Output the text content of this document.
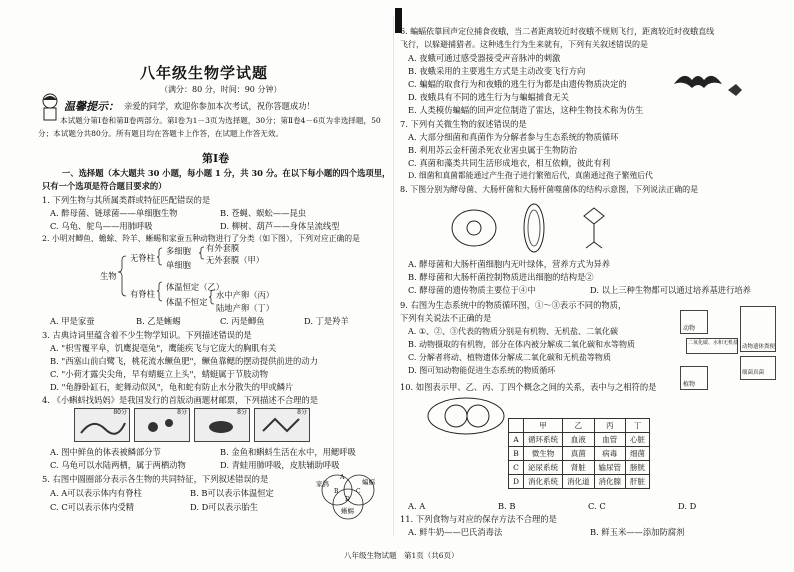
八年级生物学试题
（满分：80 分，时间：90 分钟）
温馨提示： 亲爱的同学，欢迎你参加本次考试，祝你答题成功！
本试题分第Ⅰ卷和第Ⅱ卷两部分。第Ⅰ卷为1－3页为选择题，30分；第Ⅱ卷4－6页为非选择题，50
分；本试题分共80分。所有题目均在答题卡上作答，在试题上作答无效。
第Ⅰ卷
一、选择题（本大题共 30 小题，每小题 1 分，共 30 分。在以下每小题的四个选项里，
只有一个选项是符合题目要求的）
1. 下列生物与其所属类群或特征匹配错误的是
A. 醉母菌、链球菌——单细胞生物	B. 苍蝇、蜈蚣——昆虫
C. 乌龟、鸵鸟——用肺呼吸	D. 柳树、葫芦——身体呈流线型
2. 小明对鲫鱼、蟾蜍、羚羊、蜥蜴和家蚕五种动物进行了分类（如下图），下列对应正确的是
生物
无脊柱
有脊柱
多细胞
单细胞
有外套膜
无外套膜（甲）
体温恒定（乙）
体温不恒定
水中产卵（丙）
陆地产卵（丁）
A. 甲是家蚕	B. 乙是蜥蜴	C. 丙是鲫鱼	D. 丁是羚羊
3. 古典诗词里蕴含着不少生物学知识。下列描述错误的是
A. "枳雪覆平阜，饥鹰捉毫兔"，鹰能疾飞与它庞大的胸肌有关
B. "西塞山前白鹭飞，桃花流水鳜鱼肥"，鳜鱼靠鳃的摆动提供前进的动力
C. "小荷才露尖尖角，早有蜻蜓立上头"，蜻蜓属于节肢动物
D. "龟静卧缸石，蛇舞动似风"，龟和蛇有防止水分散失的甲或鳞片
4. 《小蝌蚪找妈妈》是我国发行的首版动画题材邮票，下列描述不合理的是
80分	8分	8分	8分
A. 图中鲜鱼的体表被鳞部分节	B. 金鱼和蝌蚪生活在水中，用鳃呼吸
C. 乌龟可以水陆两栖，属于两栖动物	D. 青蛙用肺呼吸，皮肤辅助呼吸
5. 右图中圆圈部分表示各生物的共同特征，下列叙述错误的是
A. A可以表示体内有脊柱	B. B可以表示体温恒定
C. C可以表示体内受精	D. D可以表示胎生
家鸽
A
B	C
D
蝙蝠
蜥蜴
6. 蝙蝠依靠回声定位捕食夜蛾，当二者距离较近时夜蛾不规则飞行，距离较近时夜蛾直线
飞行，以躲避捕猎者。这种逃生行为生来就有，下列有关叙述错误的是
A. 夜蛾可通过感受器接受声音脉冲的刺激
B. 夜蛾采用的主要逃生方式是主动改变飞行方向
C. 蝙蝠的取食行为和夜蛾的逃生行为都是由遗传物质决定的
D. 夜蛾具有不同的逃生行为与蝙蝠捕食无关
E. 人类模仿蝙蝠的回声定位制造了雷达，这种生物技术称为仿生
7. 下列有关微生物的叙述错误的是
A. 大部分细菌和真菌作为分解者参与生态系统的物质循环
B. 利用苏云金杆菌杀死农业害虫属于生物防治
C. 真菌和藻类共同生活形成地衣，相互依赖，彼此有利
D. 细菌和真菌都能通过产生孢子进行繁殖后代，真菌通过孢子繁殖后代
8. 下图分别为酵母菌、大肠杆菌和大肠杆菌噬菌体的结构示意图，下列说法正确的是
A. 酵母菌和大肠杆菌细胞内无叶绿体，营养方式为异养
B. 酵母菌和大肠杆菌控制物质进出细胞的结构是②
C. 酵母菌的遗传物质主要位于④中	D. 以上三种生物都可以通过培养基进行培养
9. 右图为生态系统中的物质循环图，①～③表示不同的物质，
下列有关说法不正确的是
A. ①、②、③代表的物质分别是有机物、无机盐、二氧化碳
B. 动物摄取的有机物，部分在体内被分解成二氧化碳和水等物质
C. 分解者将动、植物遗体分解成二氧化碳和无机盐等物质
D. 图可知动物能促进生态系统的物质循环
动物
植物
动物遗体粪便
细菌真菌
二氧化碳、水和无机盐
10. 如图表示甲、乙、丙、丁四个概念之间的关系，表中与之相符的是
	甲	乙	丙	丁
A	循环系统	血液	血管	心脏
B	微生物	真菌	病毒	细菌
C	泌尿系统	肾脏	输尿管	膀胱
D	消化系统	消化道	消化腺	肝脏
A. A	B. B	C. C	D. D
11. 下列食物与对应的保存方法不合理的是
A. 鲜牛奶——巴氏消毒法	B. 鲜玉米——添加防腐剂
八年级生物试题　第1页（共6页）
